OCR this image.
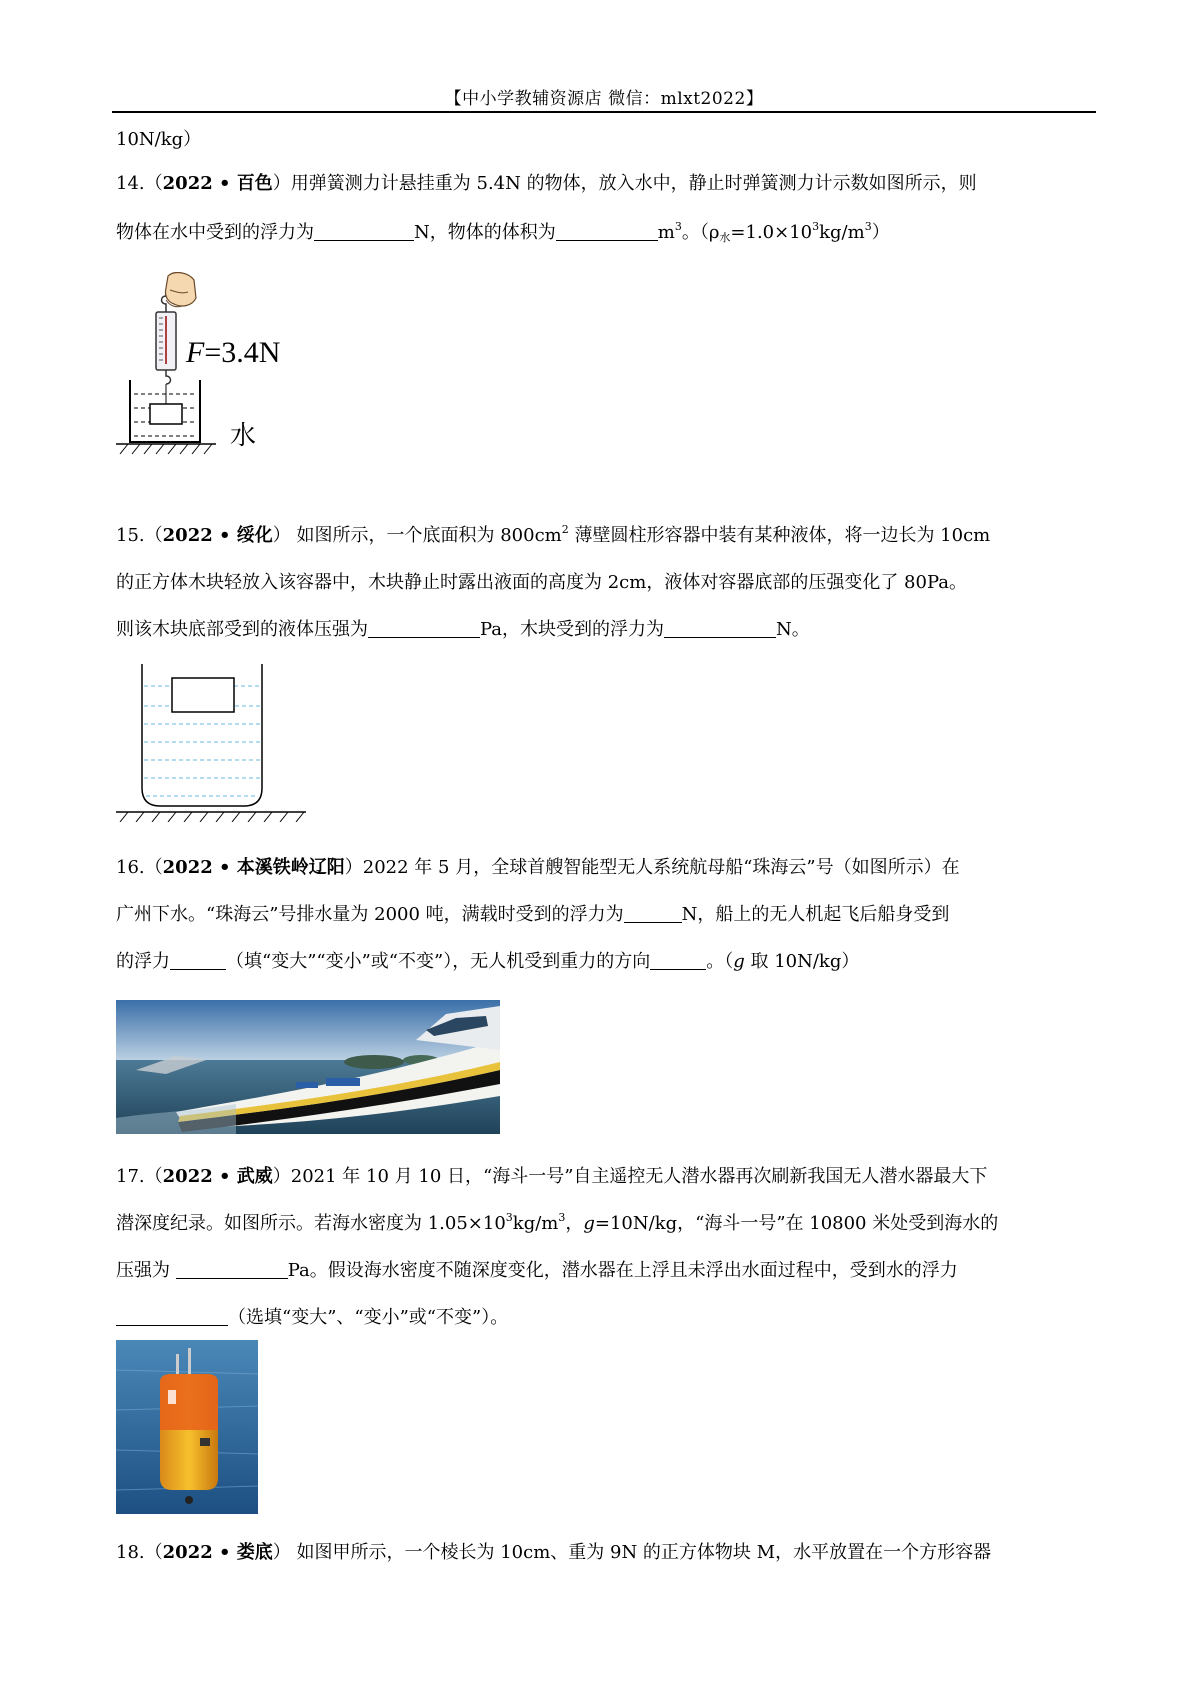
【中小学教辅资源店 微信：mlxt2022】
10N/kg）
14.（2022 • 百色）用弹簧测力计悬挂重为 5.4N 的物体，放入水中，静止时弹簧测力计示数如图所示，则
物体在水中受到的浮力为	N，物体的体积为	$m^3$。$(\rho_水=1.0\times 10^3kg/m^3)$
F=3.4N
水
15.（2022 • 绥化） 如图所示，一个底面积为 $800cm^2$ 薄壁圆柱形容器中装有某种液体，将一边长为 10cm
的正方体木块轻放入该容器中，木块静止时露出液面的高度为 2cm，液体对容器底部的压强变化了 80Pa。
则该木块底部受到的液体压强为	Pa，木块受到的浮力为	N。
16.（2022 • 本溪铁岭辽阳）2022 年 5 月，全球首艘智能型无人系统航母船“珠海云”号（如图所示）在
广州下水。“珠海云”号排水量为 2000 吨，满载时受到的浮力为	N，船上的无人机起飞后船身受到
的浮力	（填“变大”“变小”或“不变”），无人机受到重力的方向	。（g 取 10N/kg）
17.（2022 • 武威）2021 年 10 月 10 日，“海斗一号”自主遥控无人潜水器再次刷新我国无人潜水器最大下
潜深度纪录。如图所示。若海水密度为 $1.05\times 10^3kg/m^3$，g=10N/kg，“海斗一号”在 10800 米处受到海水的
压强为	Pa。假设海水密度不随深度变化，潜水器在上浮且未浮出水面过程中，受到水的浮力
（选填“变大”、“变小”或“不变”）。
18.（2022 • 娄底） 如图甲所示，一个棱长为 10cm、重为 9N 的正方体物块 M，水平放置在一个方形容器
